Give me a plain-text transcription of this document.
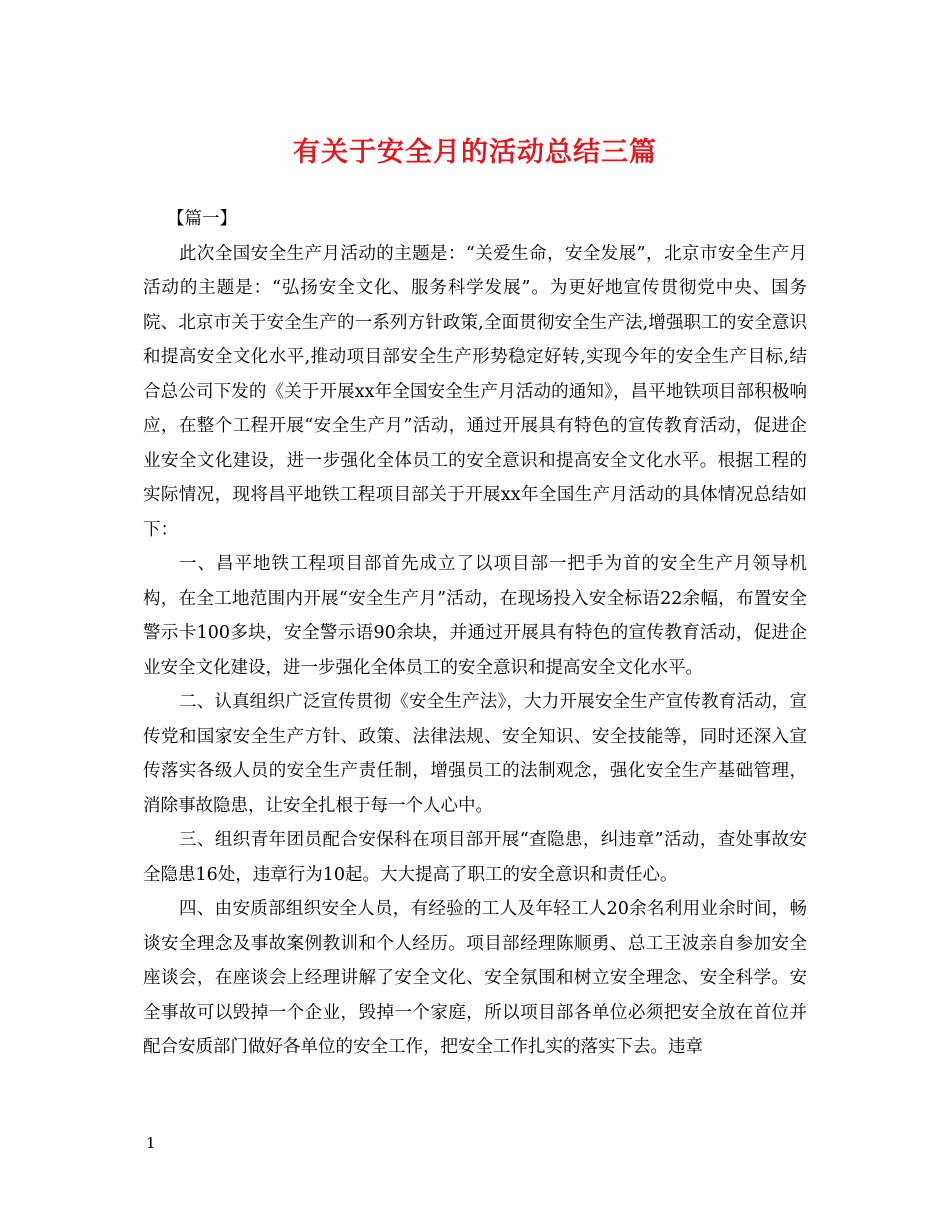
有关于安全月的活动总结三篇

【篇一】

此次全国安全生产月活动的主题是：“关爱生命，安全发展”，北京市安全生产月活动的主题是：“弘扬安全文化、服务科学发展”。为更好地宣传贯彻党中央、国务院、北京市关于安全生产的一系列方针政策,全面贯彻安全生产法,增强职工的安全意识和提高安全文化水平,推动项目部安全生产形势稳定好转,实现今年的安全生产目标,结合总公司下发的《关于开展xx年全国安全生产月活动的通知》，昌平地铁项目部积极响应，在整个工程开展“安全生产月”活动，通过开展具有特色的宣传教育活动，促进企业安全文化建设，进一步强化全体员工的安全意识和提高安全文化水平。根据工程的实际情况，现将昌平地铁工程项目部关于开展xx年全国生产月活动的具体情况总结如下：

一、昌平地铁工程项目部首先成立了以项目部一把手为首的安全生产月领导机构，在全工地范围内开展“安全生产月”活动，在现场投入安全标语22余幅，布置安全警示卡100多块，安全警示语90余块，并通过开展具有特色的宣传教育活动，促进企业安全文化建设，进一步强化全体员工的安全意识和提高安全文化水平。

二、认真组织广泛宣传贯彻《安全生产法》，大力开展安全生产宣传教育活动，宣传党和国家安全生产方针、政策、法律法规、安全知识、安全技能等，同时还深入宣传落实各级人员的安全生产责任制，增强员工的法制观念，强化安全生产基础管理，消除事故隐患，让安全扎根于每一个人心中。

三、组织青年团员配合安保科在项目部开展“查隐患，纠违章”活动，查处事故安全隐患16处，违章行为10起。大大提高了职工的安全意识和责任心。

四、由安质部组织安全人员，有经验的工人及年轻工人20余名利用业余时间，畅谈安全理念及事故案例教训和个人经历。项目部经理陈顺勇、总工王波亲自参加安全座谈会，在座谈会上经理讲解了安全文化、安全氛围和树立安全理念、安全科学。安全事故可以毁掉一个企业，毁掉一个家庭，所以项目部各单位必须把安全放在首位并配合安质部门做好各单位的安全工作，把安全工作扎实的落实下去。违章

1
